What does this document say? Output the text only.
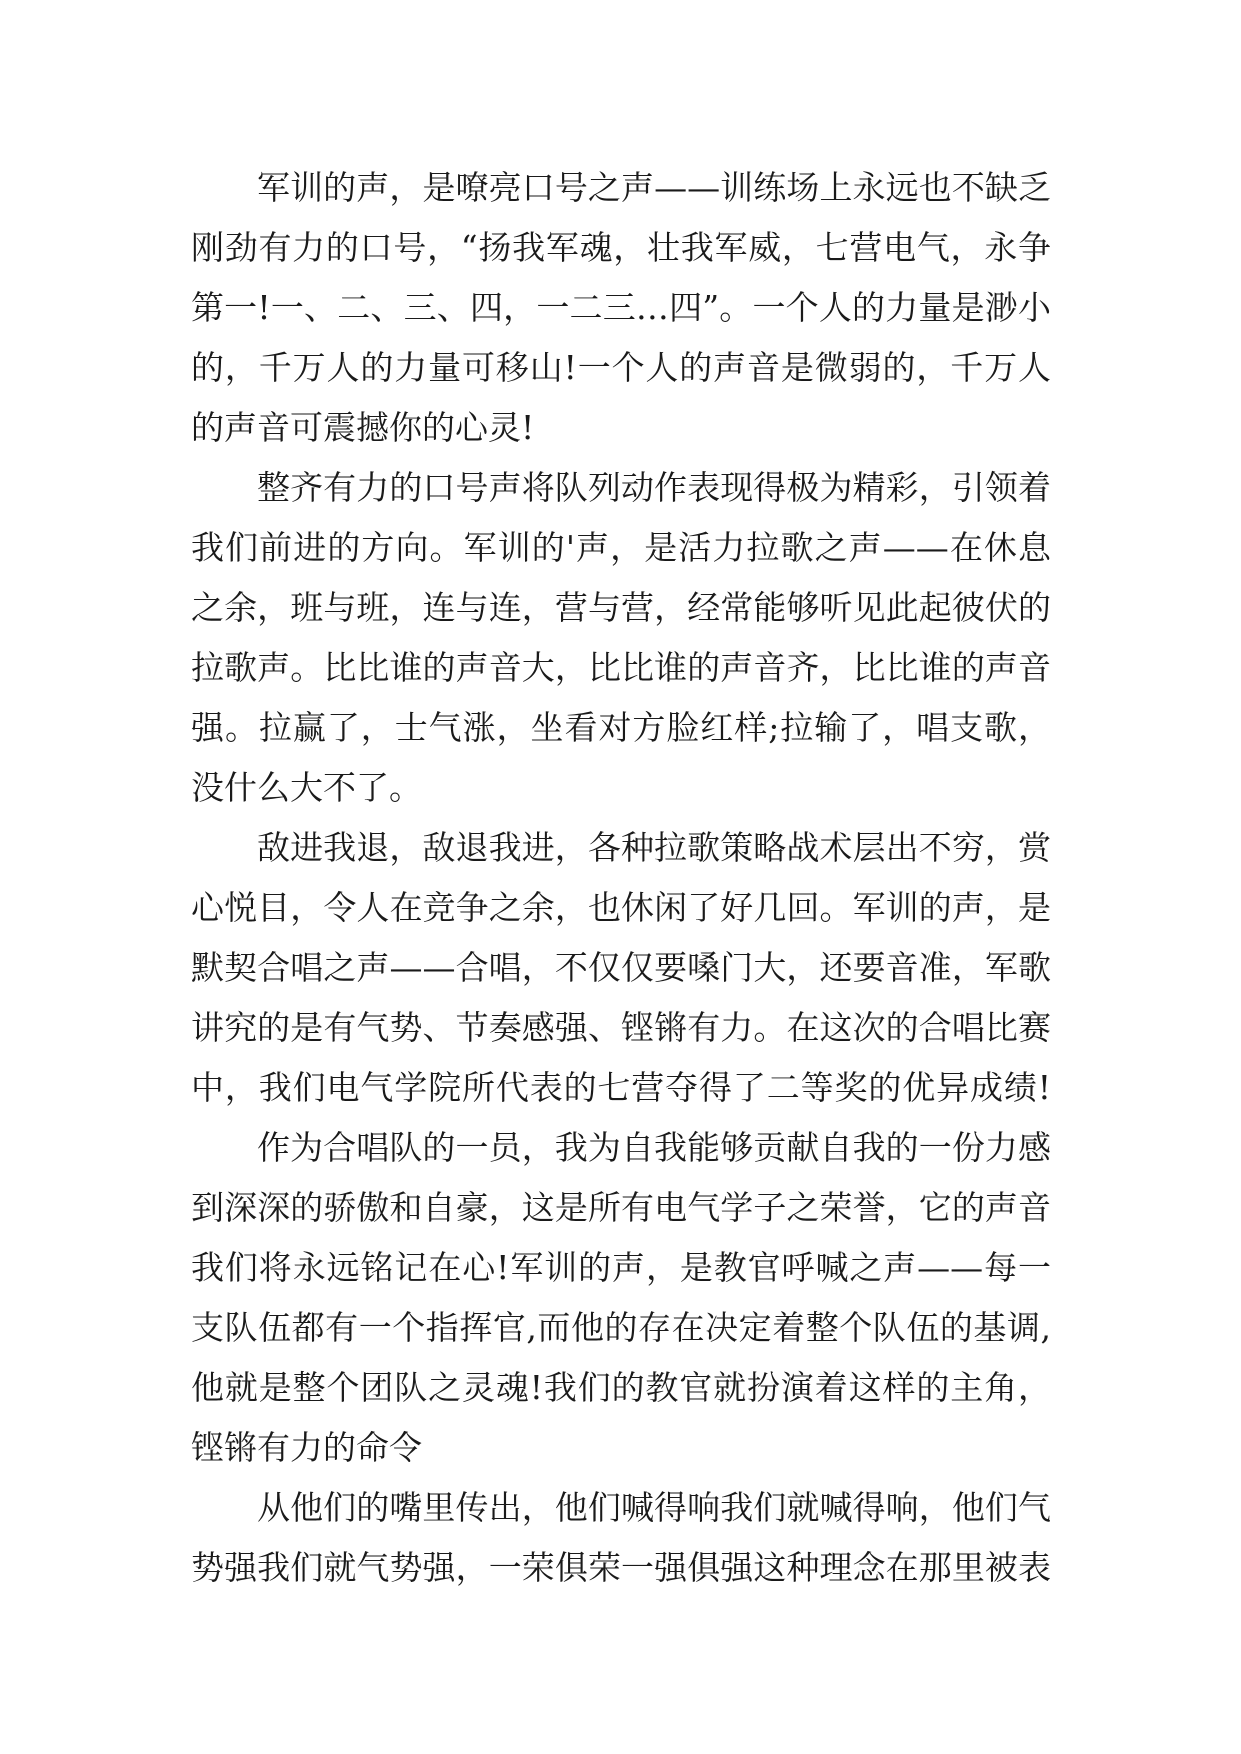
军训的声，是嘹亮口号之声——训练场上永远也不缺乏
刚劲有力的口号，“扬我军魂，壮我军威，七营电气，永争
第一!一、二、三、四，一二三…四”。一个人的力量是渺小
的，千万人的力量可移山!一个人的声音是微弱的，千万人
的声音可震撼你的心灵!
整齐有力的口号声将队列动作表现得极为精彩，引领着
我们前进的方向。军训的'声，是活力拉歌之声——在休息
之余，班与班，连与连，营与营，经常能够听见此起彼伏的
拉歌声。比比谁的声音大，比比谁的声音齐，比比谁的声音
强。拉赢了，士气涨，坐看对方脸红样;拉输了，唱支歌，
没什么大不了。
敌进我退，敌退我进，各种拉歌策略战术层出不穷，赏
心悦目，令人在竞争之余，也休闲了好几回。军训的声，是
默契合唱之声——合唱，不仅仅要嗓门大，还要音准，军歌
讲究的是有气势、节奏感强、铿锵有力。在这次的合唱比赛
中，我们电气学院所代表的七营夺得了二等奖的优异成绩!
作为合唱队的一员，我为自我能够贡献自我的一份力感
到深深的骄傲和自豪，这是所有电气学子之荣誉，它的声音
我们将永远铭记在心!军训的声，是教官呼喊之声——每一
支队伍都有一个指挥官,而他的存在决定着整个队伍的基调,
他就是整个团队之灵魂!我们的教官就扮演着这样的主角，
铿锵有力的命令
从他们的嘴里传出，他们喊得响我们就喊得响，他们气
势强我们就气势强，一荣俱荣一强俱强这种理念在那里被表
